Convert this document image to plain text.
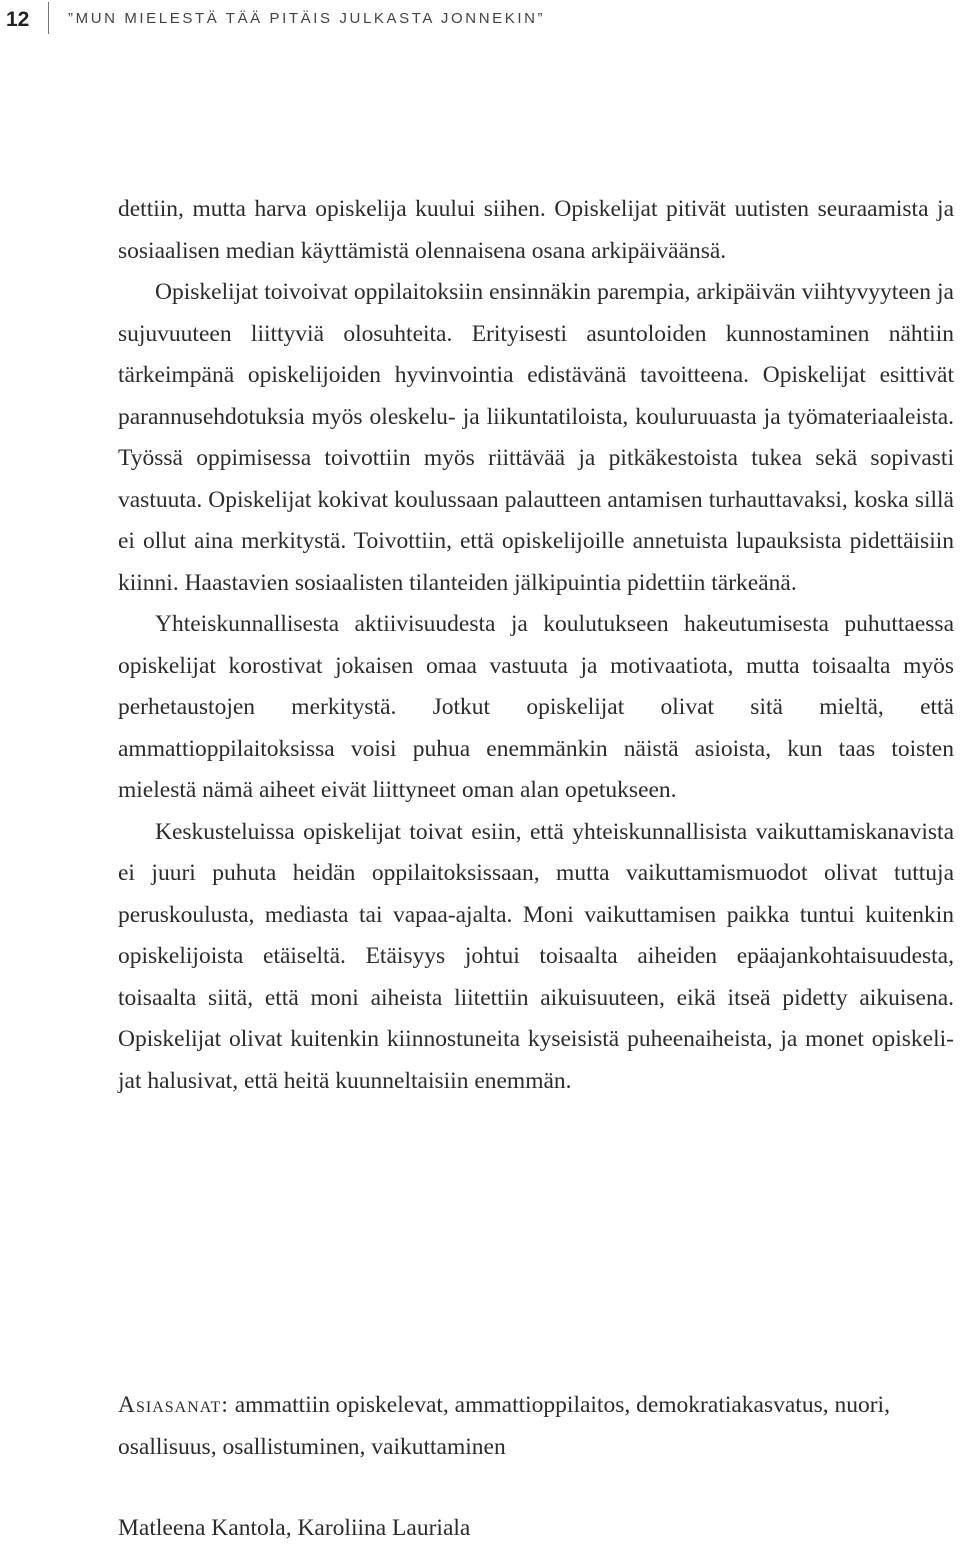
12	”MUN MIELESTÄ TÄÄ PITÄIS JULKASTA JONNEKIN”

dettiin, mutta harva opiskelija kuului siihen. Opiskelijat pitivät uutisten seuraamista ja sosiaalisen median käyttämistä olennaisena osana arkipäiväänsä.

Opiskelijat toivoivat oppilaitoksiin ensinnäkin parempia, arkipäivän viihtyvyyteen ja sujuvuuteen liittyviä olosuhteita. Erityisesti asuntoloiden kunnostaminen nähtiin tärkeimpänä opiskelijoiden hyvinvointia edistävänä tavoitteena. Opiskelijat esittivät parannusehdotuksia myös oleskelu- ja liikuntatiloista, kouluruuasta ja työmateriaaleista. Työssä oppimisessa toivottiin myös riittävää ja pitkäkestoista tukea sekä sopivasti vastuuta. Opiskelijat kokivat koulussaan palautteen antamisen turhauttavaksi, koska sillä ei ollut aina merkitystä. Toivottiin, että opiskelijoille annetuista lupauksista pidettäisiin kiinni. Haastavien sosiaalisten tilanteiden jälkipuintia pidettiin tärkeänä.

Yhteiskunnallisesta aktiivisuudesta ja koulutukseen hakeutumisesta puhuttaessa opiskelijat korostivat jokaisen omaa vastuuta ja motivaatiota, mutta toisaalta myös perhetaustojen merkitystä. Jotkut opiskelijat olivat sitä mieltä, että ammattioppilaitoksissa voisi puhua enemmänkin näistä asioista, kun taas toisten mielestä nämä aiheet eivät liittyneet oman alan opetukseen.

Keskusteluissa opiskelijat toivat esiin, että yhteiskunnallisista vaikuttamiskanavista ei juuri puhuta heidän oppilaitoksissaan, mutta vaikuttamismuodot olivat tuttuja peruskoulusta, mediasta tai vapaa-ajalta. Moni vaikuttamisen paikka tuntui kuitenkin opiskelijoista etäiseltä. Etäisyys johtui toisaalta aiheiden epäajankohtaisuudesta, toisaalta siitä, että moni aiheista liitettiin aikuisuuteen, eikä itseä pidetty aikuisena. Opiskelijat olivat kuitenkin kiinnostuneita kyseisistä puheenaiheista, ja monet opiskelijat halusivat, että heitä kuunneltaisiin enemmän.

Asiasanat: ammattiin opiskelevat, ammattioppilaitos, demokratiakasvatus, nuori, osallisuus, osallistuminen, vaikuttaminen

Matleena Kantola, Karoliina Lauriala
